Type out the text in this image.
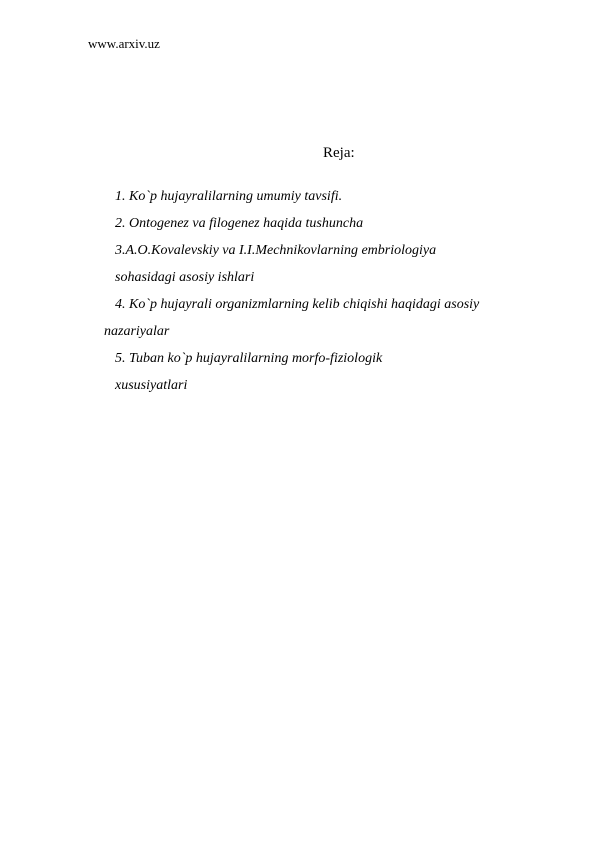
www.arxiv.uz
Reja:
1. Ko`p hujayralilarning umumiy tavsifi.
2. Ontogenez va filogenez haqida tushuncha
3.A.O.Kovalevskiy va I.I.Mechnikovlarning embriologiya
sohasidagi asosiy ishlari
4. Ko`p hujayrali organizmlarning kelib chiqishi haqidagi asosiy
nazariyalar
5. Tuban ko`p hujayralilarning morfo-fiziologik
xususiyatlari
